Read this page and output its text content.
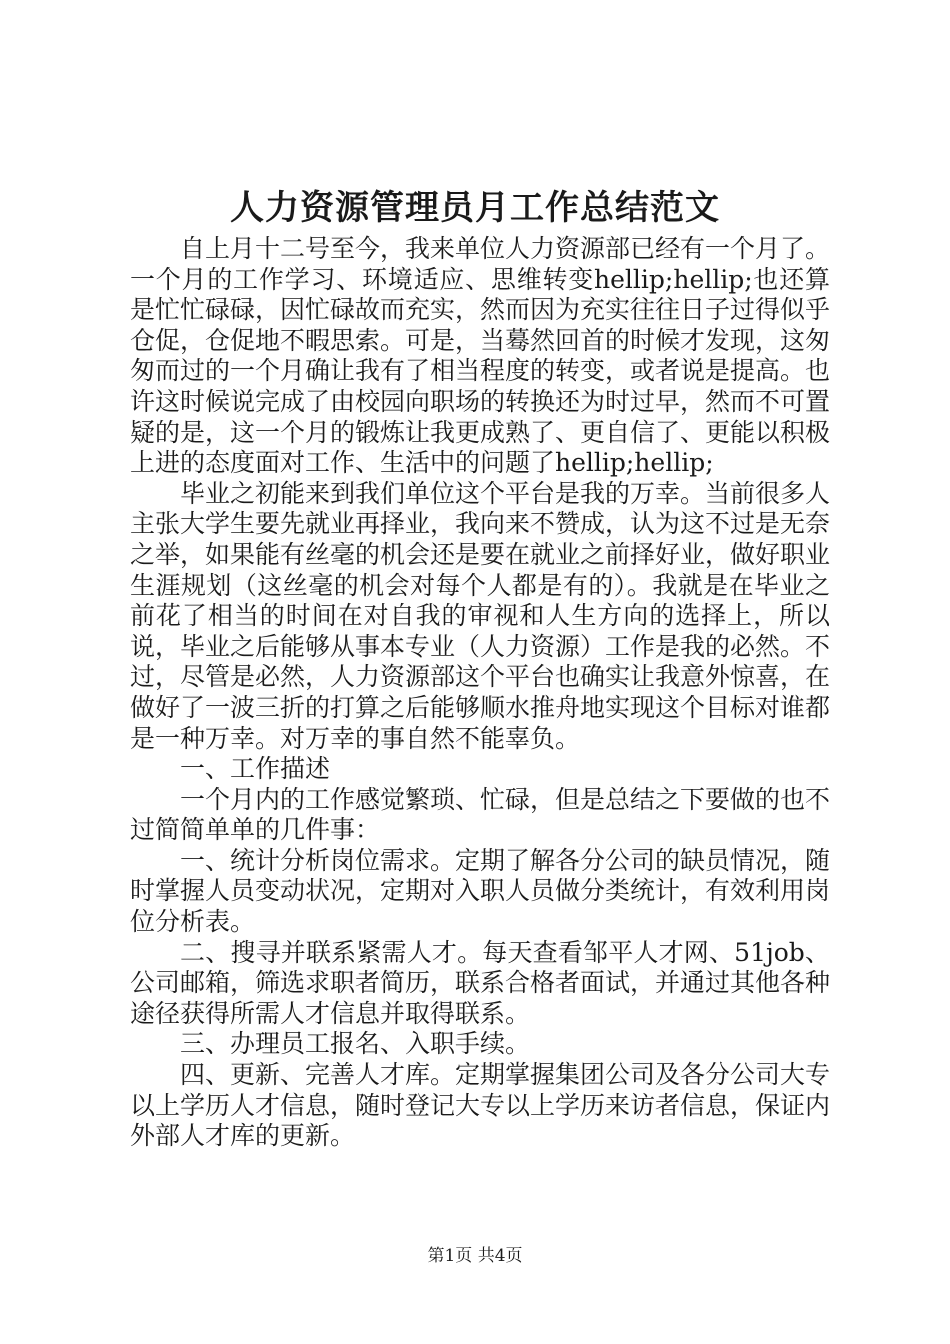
人力资源管理员月工作总结范文

自上月十二号至今，我来单位人力资源部已经有一个月了。一个月的工作学习、环境适应、思维转变hellip;hellip;也还算是忙忙碌碌，因忙碌故而充实，然而因为充实往往日子过得似乎仓促，仓促地不暇思索。可是，当蓦然回首的时候才发现，这匆匆而过的一个月确让我有了相当程度的转变，或者说是提高。也许这时候说完成了由校园向职场的转换还为时过早，然而不可置疑的是，这一个月的锻炼让我更成熟了、更自信了、更能以积极上进的态度面对工作、生活中的问题了hellip;hellip;

毕业之初能来到我们单位这个平台是我的万幸。当前很多人主张大学生要先就业再择业，我向来不赞成，认为这不过是无奈之举，如果能有丝毫的机会还是要在就业之前择好业，做好职业生涯规划（这丝毫的机会对每个人都是有的）。我就是在毕业之前花了相当的时间在对自我的审视和人生方向的选择上，所以说，毕业之后能够从事本专业（人力资源）工作是我的必然。不过，尽管是必然，人力资源部这个平台也确实让我意外惊喜，在做好了一波三折的打算之后能够顺水推舟地实现这个目标对谁都是一种万幸。对万幸的事自然不能辜负。

一、工作描述

一个月内的工作感觉繁琐、忙碌，但是总结之下要做的也不过简简单单的几件事：

一、统计分析岗位需求。定期了解各分公司的缺员情况，随时掌握人员变动状况，定期对入职人员做分类统计，有效利用岗位分析表。

二、搜寻并联系紧需人才。每天查看邹平人才网、51job、公司邮箱，筛选求职者简历，联系合格者面试，并通过其他各种途径获得所需人才信息并取得联系。

三、办理员工报名、入职手续。

四、更新、完善人才库。定期掌握集团公司及各分公司大专以上学历人才信息，随时登记大专以上学历来访者信息，保证内外部人才库的更新。

第1页 共4页
